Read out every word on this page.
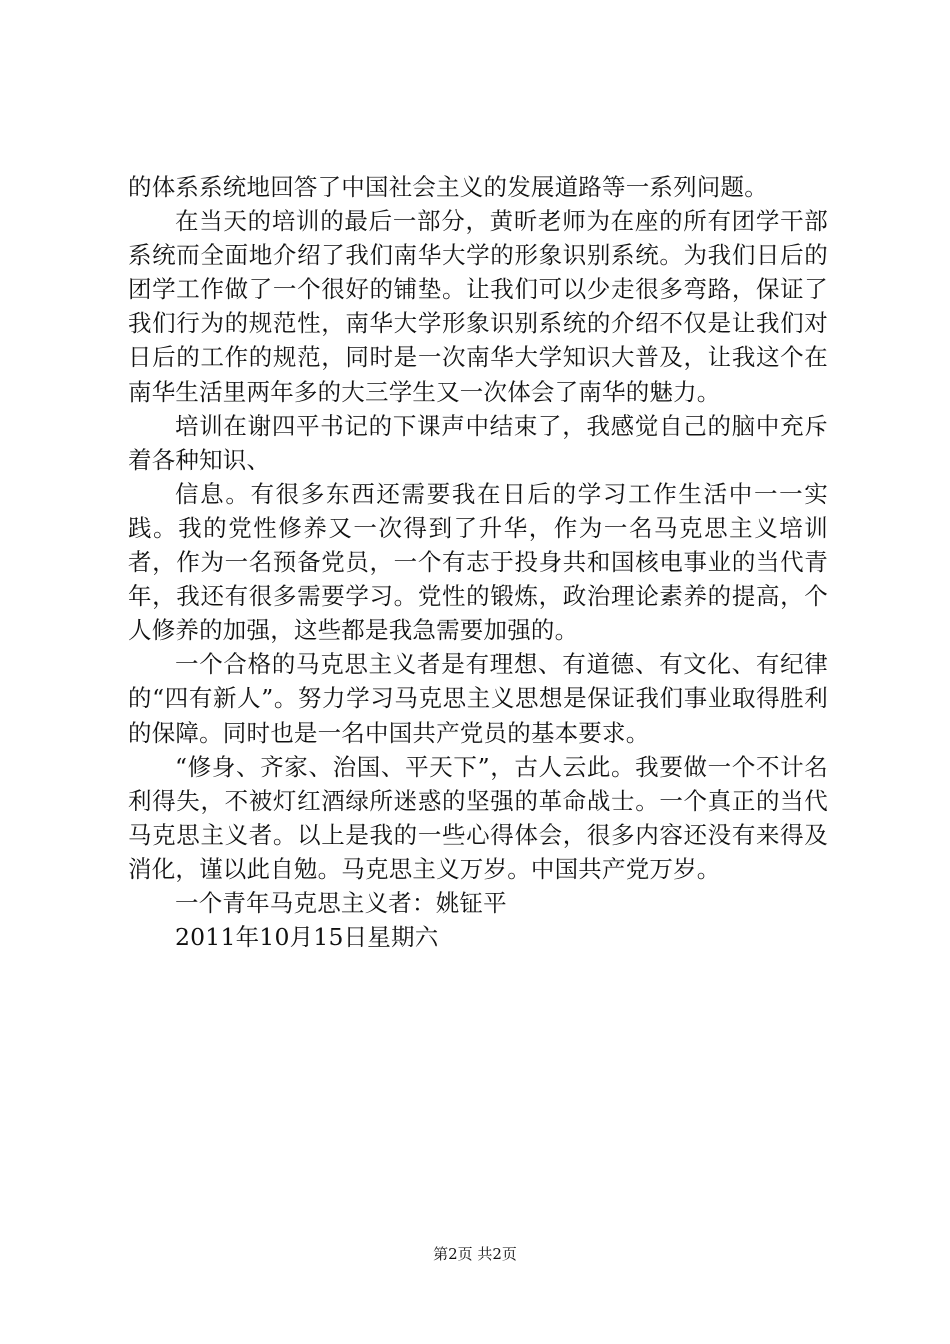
的体系系统地回答了中国社会主义的发展道路等一系列问题。

在当天的培训的最后一部分，黄昕老师为在座的所有团学干部系统而全面地介绍了我们南华大学的形象识别系统。为我们日后的团学工作做了一个很好的铺垫。让我们可以少走很多弯路，保证了我们行为的规范性，南华大学形象识别系统的介绍不仅是让我们对日后的工作的规范，同时是一次南华大学知识大普及，让我这个在南华生活里两年多的大三学生又一次体会了南华的魅力。

培训在谢四平书记的下课声中结束了，我感觉自己的脑中充斥着各种知识、

信息。有很多东西还需要我在日后的学习工作生活中一一实践。我的党性修养又一次得到了升华，作为一名马克思主义培训者，作为一名预备党员，一个有志于投身共和国核电事业的当代青年，我还有很多需要学习。党性的锻炼，政治理论素养的提高，个人修养的加强，这些都是我急需要加强的。

一个合格的马克思主义者是有理想、有道德、有文化、有纪律的“四有新人”。努力学习马克思主义思想是保证我们事业取得胜利的保障。同时也是一名中国共产党员的基本要求。

“修身、齐家、治国、平天下”，古人云此。我要做一个不计名利得失，不被灯红酒绿所迷惑的坚强的革命战士。一个真正的当代马克思主义者。以上是我的一些心得体会，很多内容还没有来得及消化，谨以此自勉。马克思主义万岁。中国共产党万岁。

一个青年马克思主义者：姚钲平

2011年10月15日星期六

第2页 共2页
